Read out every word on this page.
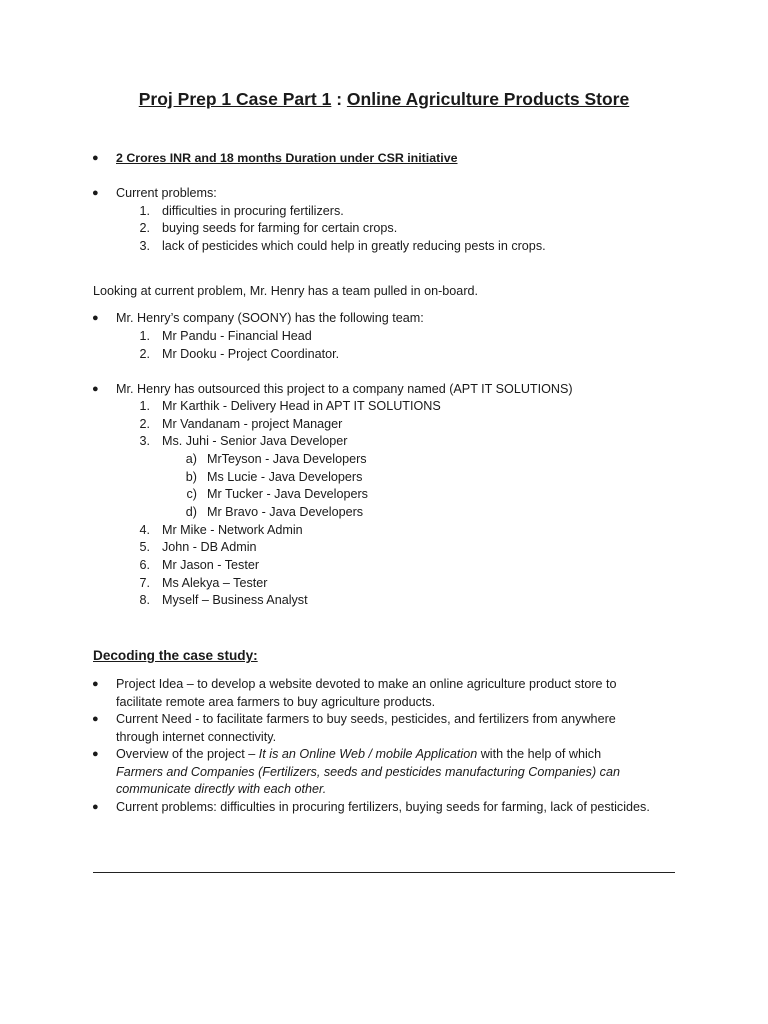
Proj Prep 1 Case Part 1 : Online Agriculture Products Store
● 2 Crores INR and 18 months Duration under CSR initiative
● Current problems:
1. difficulties in procuring fertilizers.
2. buying seeds for farming for certain crops.
3. lack of pesticides which could help in greatly reducing pests in crops.
Looking at current problem, Mr. Henry has a team pulled in on-board.
● Mr. Henry’s company (SOONY) has the following team:
1. Mr Pandu - Financial Head
2. Mr Dooku - Project Coordinator.
● Mr. Henry has outsourced this project to a company named (APT IT SOLUTIONS)
1. Mr Karthik - Delivery Head in APT IT SOLUTIONS
2. Mr Vandanam - project Manager
3. Ms. Juhi - Senior Java Developer
a) MrTeyson - Java Developers
b) Ms Lucie - Java Developers
c) Mr Tucker - Java Developers
d) Mr Bravo - Java Developers
4. Mr Mike - Network Admin
5. John - DB Admin
6. Mr Jason - Tester
7. Ms Alekya – Tester
8. Myself – Business Analyst
Decoding the case study:
● Project Idea – to develop a website devoted to make an online agriculture product store to
facilitate remote area farmers to buy agriculture products.
● Current Need - to facilitate farmers to buy seeds, pesticides, and fertilizers from anywhere
through internet connectivity.
● Overview of the project – It is an Online Web / mobile Application with the help of which
Farmers and Companies (Fertilizers, seeds and pesticides manufacturing Companies) can
communicate directly with each other.
● Current problems: difficulties in procuring fertilizers, buying seeds for farming, lack of pesticides.
